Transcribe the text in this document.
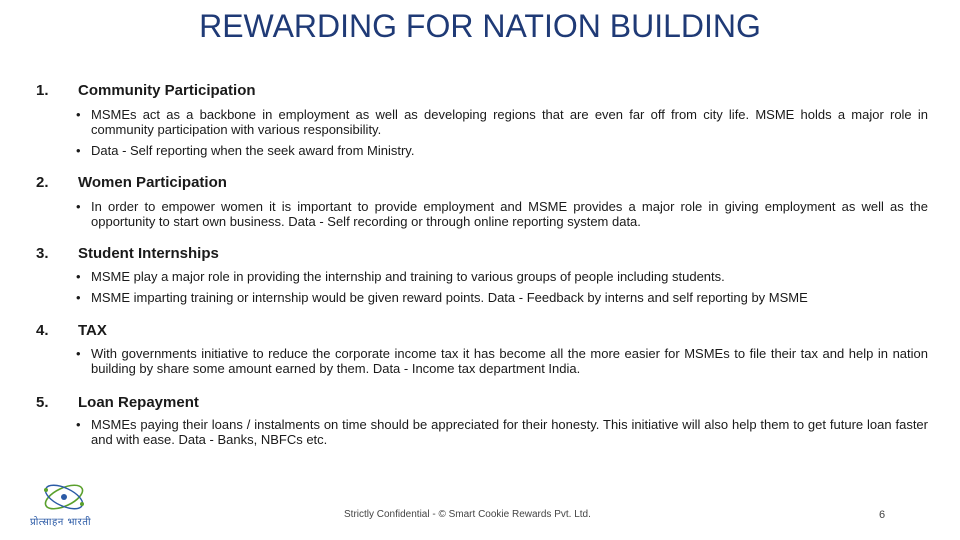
REWARDING FOR NATION BUILDING
1. Community Participation
• MSMEs act as a backbone in employment as well as developing regions that are even far off from city life. MSME holds a major role in community participation with various responsibility.
• Data - Self reporting when the seek award from Ministry.
2. Women Participation
• In order to empower women it is important to provide employment and MSME provides a major role in giving employment as well as the opportunity to start own business. Data - Self recording or through online reporting system data.
3. Student Internships
• MSME play a major role in providing the internship and training to various groups of people including students.
• MSME imparting training or internship would be given reward points. Data - Feedback by interns and self reporting by MSME
4. TAX
• With governments initiative to reduce the corporate income tax it has become all the more easier for MSMEs to file their tax and help in nation building by share some amount earned by them. Data - Income tax department India.
5. Loan Repayment
• MSMEs paying their loans / instalments on time should be appreciated for their honesty. This initiative will also help them to get future loan faster and with ease. Data - Banks, NBFCs etc.
प्रोत्साहन भारती
Strictly Confidential - © Smart Cookie Rewards Pvt. Ltd.	6
